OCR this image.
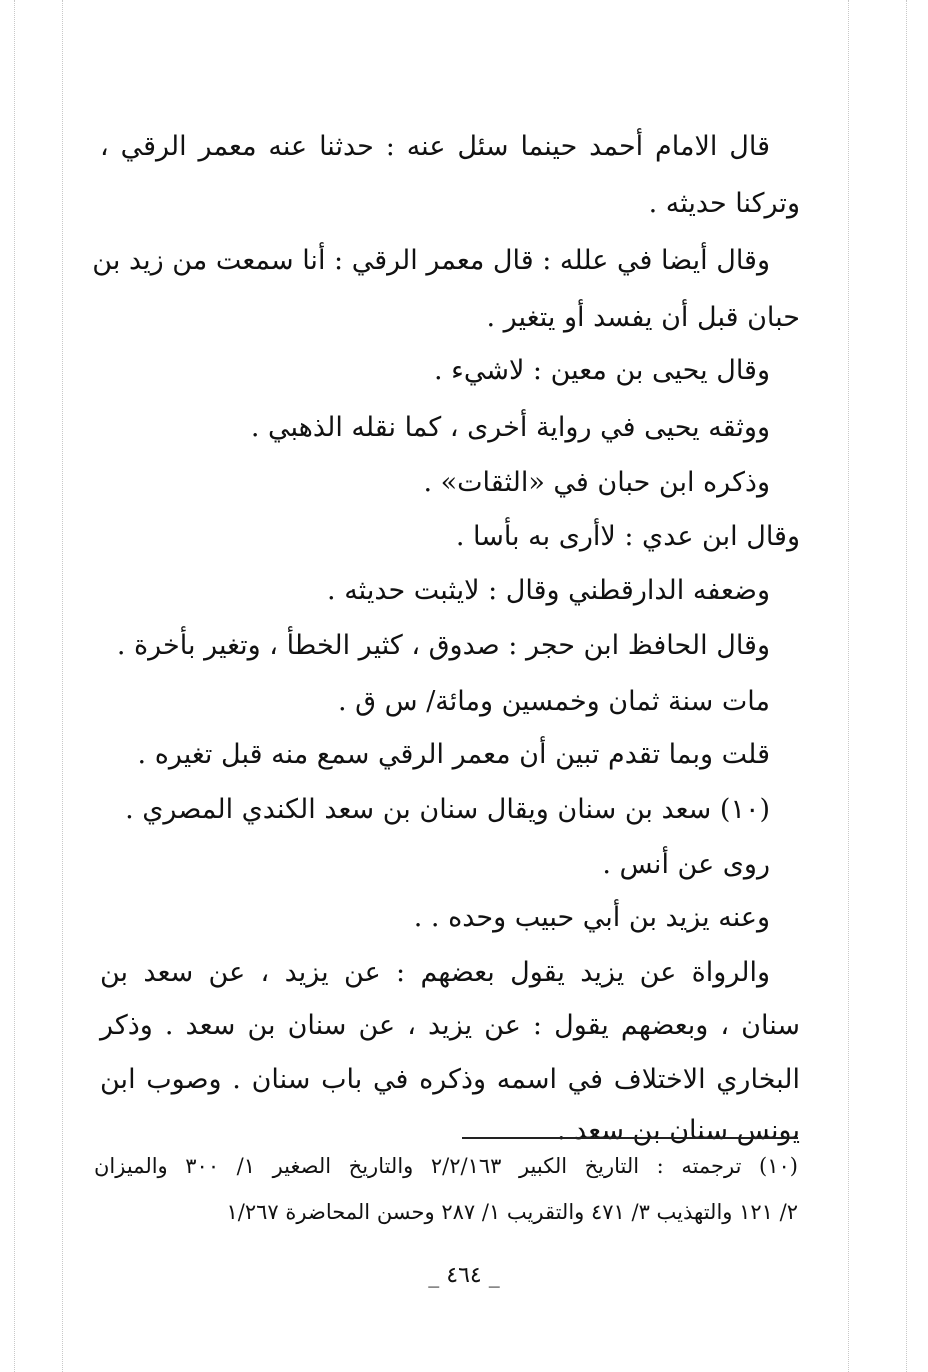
قال الامام أحمد حينما سئل عنه : حدثنا عنه معمر الرقي ،
وتركنا حديثه .
وقال أيضا في علله : قال معمر الرقي : أنا سمعت من زيد بن
حبان قبل أن يفسد أو يتغير .
وقال يحيى بن معين : لاشيء .
ووثقه يحيى في رواية أخرى ، كما نقله الذهبي .
وذكره ابن حبان في «الثقات» .
وقال ابن عدي : لاأرى به بأسا .
وضعفه الدارقطني وقال : لايثبت حديثه .
وقال الحافظ ابن حجر : صدوق ، كثير الخطأ ، وتغير بأخرة .
مات سنة ثمان وخمسين ومائة/ س ق .
قلت وبما تقدم تبين أن معمر الرقي سمع منه قبل تغيره .
(١٠) سعد بن سنان ويقال سنان بن سعد الكندي المصري .
روى عن أنس .
وعنه يزيد بن أبي حبيب وحده . .
والرواة عن يزيد يقول بعضهم : عن يزيد ، عن سعد بن
سنان ، وبعضهم يقول : عن يزيد ، عن سنان بن سعد . وذكر
البخاري الاختلاف في اسمه وذكره في باب سنان . وصوب ابن
يونس سنان بن سعد .
(١٠) ترجمته : التاريخ الكبير ٢/٢/١٦٣ والتاريخ الصغير ١/ ٣٠٠ والميزان
٢/ ١٢١ والتهذيب ٣/ ٤٧١ والتقريب ١/ ٢٨٧ وحسن المحاضرة ١/٢٦٧
_ ٤٦٤ _
